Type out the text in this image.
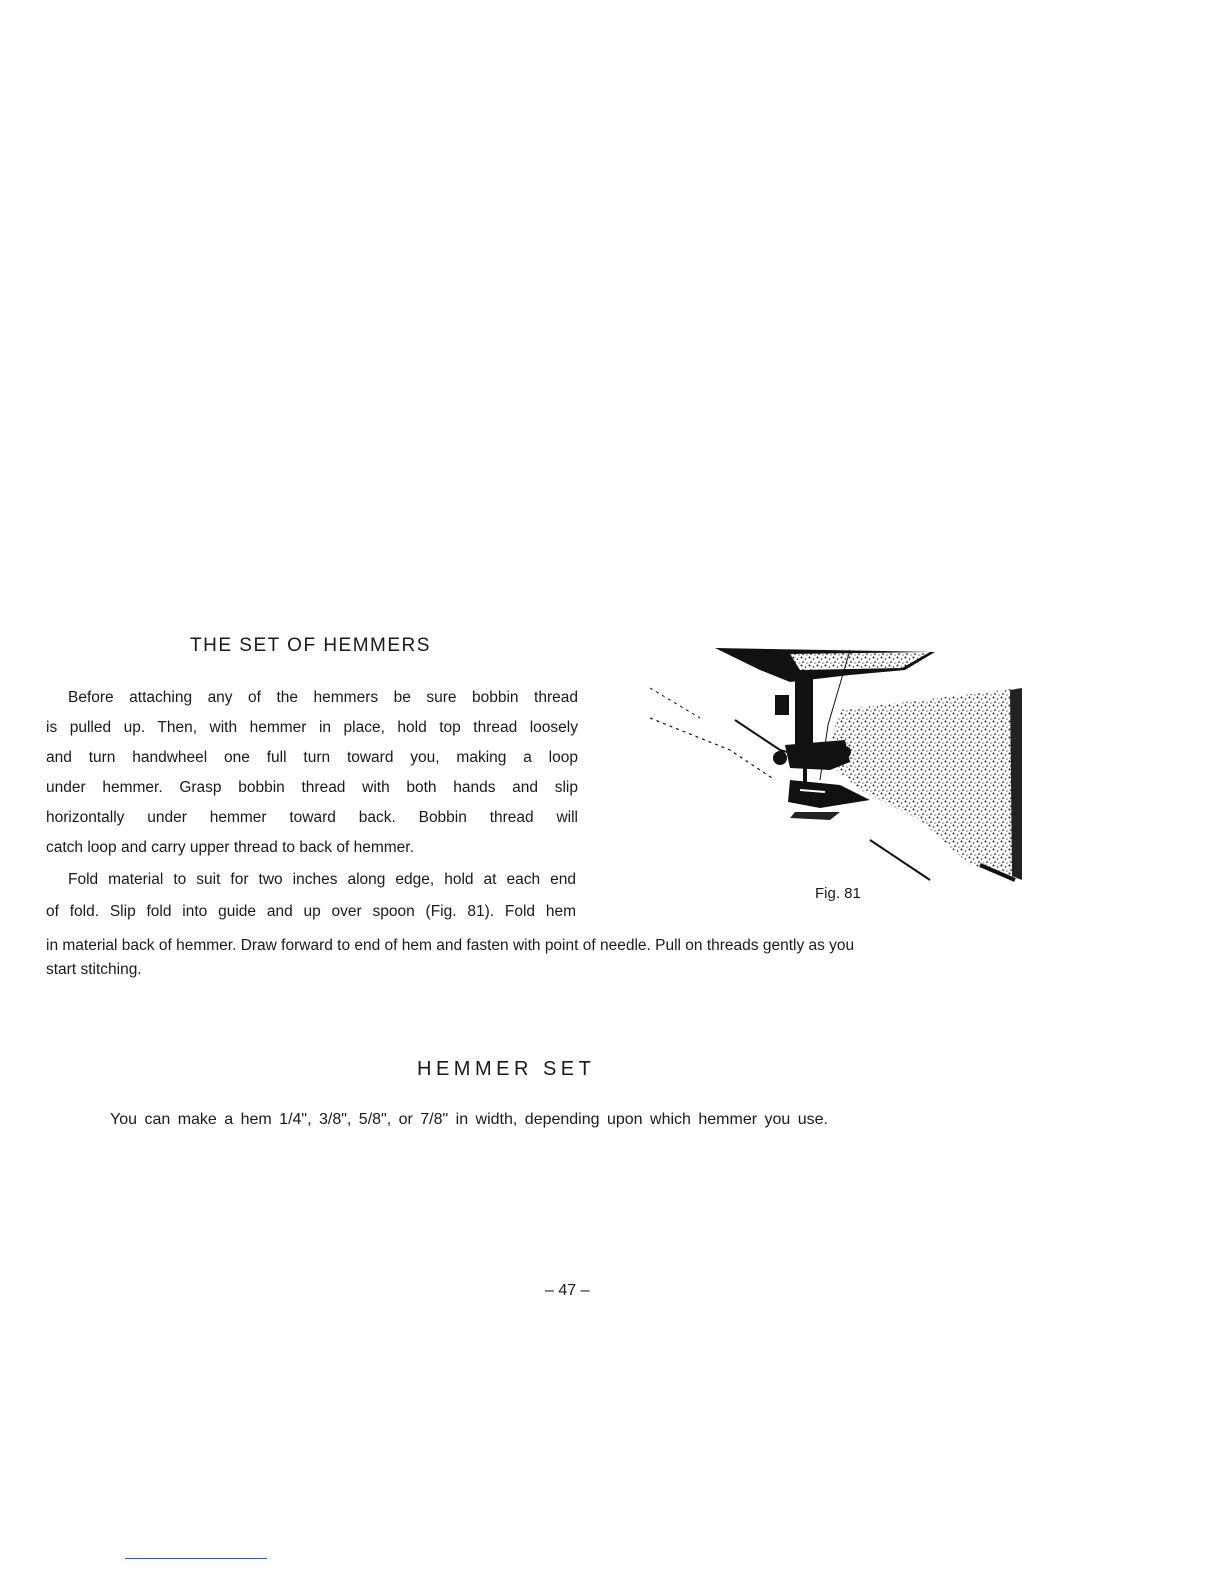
THE SET OF HEMMERS
Before attaching any of the hemmers be sure bobbin thread
is pulled up. Then, with hemmer in place, hold top thread loosely
and turn handwheel one full turn toward you, making a loop
under hemmer. Grasp bobbin thread with both hands and slip
horizontally under hemmer toward back. Bobbin thread will
catch loop and carry upper thread to back of hemmer.
Fold material to suit for two inches along edge, hold at each end
of fold. Slip fold into guide and up over spoon (Fig. 81). Fold hem
in material back of hemmer. Draw forward to end of hem and fasten with point of needle. Pull on threads gently as you
start stitching.
Fig. 81
HEMMER SET
You can make a hem 1/4", 3/8", 5/8", or 7/8" in width, depending upon which hemmer you use.
– 47 –
